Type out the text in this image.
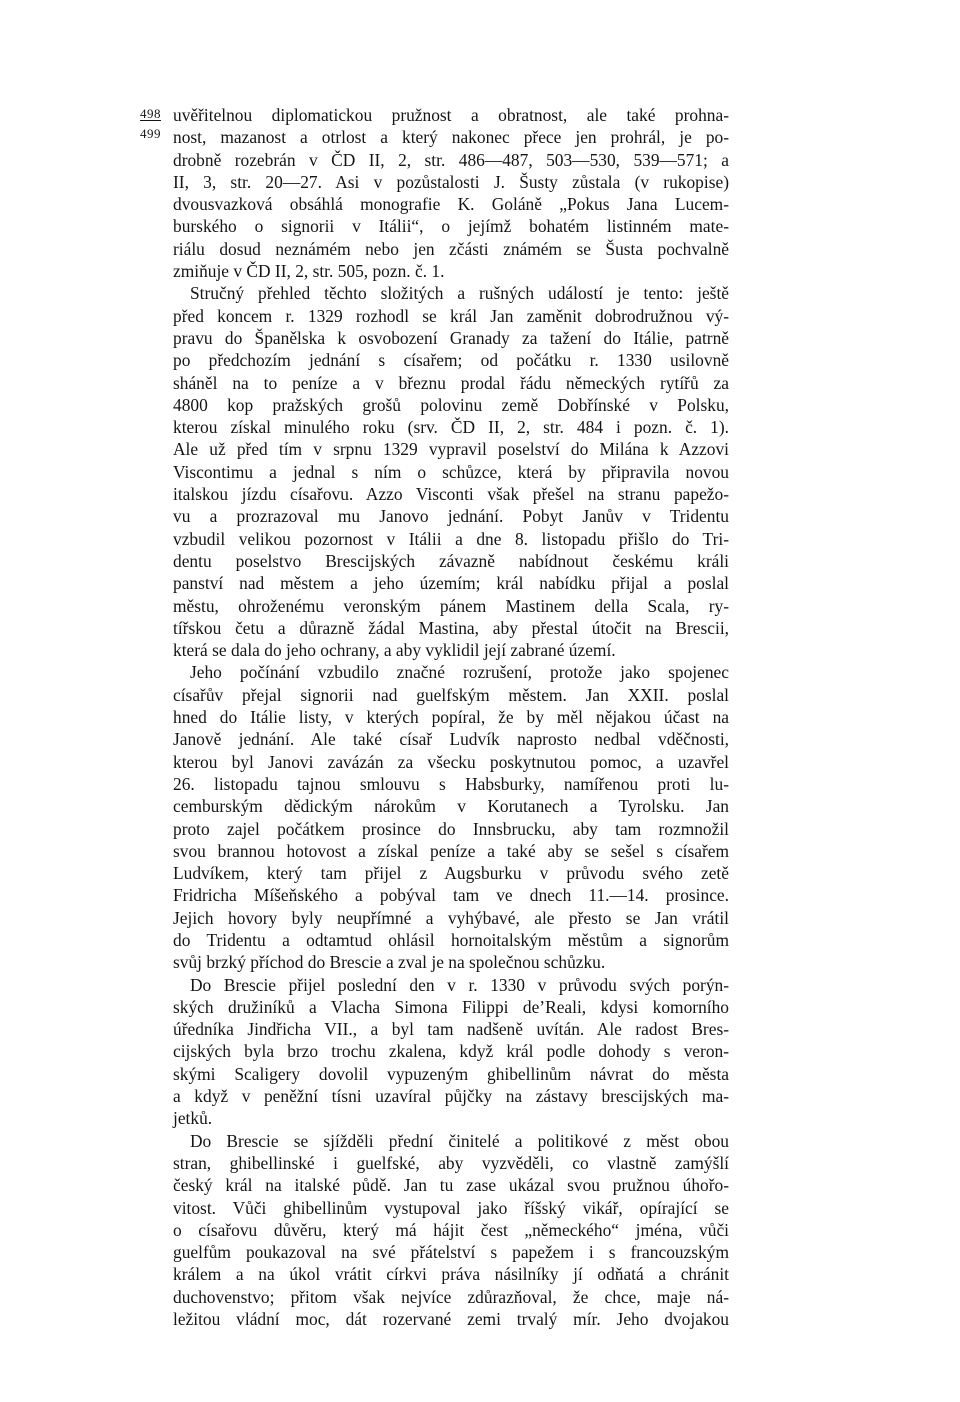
498
499
uvěřitelnou diplomatickou pružnost a obratnost, ale také prohna-
nost, mazanost a otrlost a který nakonec přece jen prohrál, je po-
drobně rozebrán v ČD II, 2, str. 486—487, 503—530, 539—571; a
II, 3, str. 20—27. Asi v pozůstalosti J. Šusty zůstala (v rukopise)
dvousvazková obsáhlá monografie K. Goláně „Pokus Jana Lucem-
burského o signorii v Itálii“, o jejímž bohatém listinném mate-
riálu dosud neznámém nebo jen zčásti známém se Šusta pochvalně
zmiňuje v ČD II, 2, str. 505, pozn. č. 1.
Stručný přehled těchto složitých a rušných událostí je tento: ještě
před koncem r. 1329 rozhodl se král Jan zaměnit dobrodružnou vý-
pravu do Španělska k osvobození Granady za tažení do Itálie, patrně
po předchozím jednání s císařem; od počátku r. 1330 usilovně
sháněl na to peníze a v březnu prodal řádu německých rytířů za
4800 kop pražských grošů polovinu země Dobřínské v Polsku,
kterou získal minulého roku (srv. ČD II, 2, str. 484 i pozn. č. 1).
Ale už před tím v srpnu 1329 vypravil poselství do Milána k Azzovi
Viscontimu a jednal s ním o schůzce, která by připravila novou
italskou jízdu císařovu. Azzo Visconti však přešel na stranu papežo-
vu a prozrazoval mu Janovo jednání. Pobyt Janův v Tridentu
vzbudil velikou pozornost v Itálii a dne 8. listopadu přišlo do Tri-
dentu poselstvo Brescijských závazně nabídnout českému králi
panství nad městem a jeho územím; král nabídku přijal a poslal
městu, ohroženému veronským pánem Mastinem della Scala, ry-
tířskou četu a důrazně žádal Mastina, aby přestal útočit na Brescii,
která se dala do jeho ochrany, a aby vyklidil její zabrané území.
Jeho počínání vzbudilo značné rozrušení, protože jako spojenec
císařův přejal signorii nad guelfským městem. Jan XXII. poslal
hned do Itálie listy, v kterých popíral, že by měl nějakou účast na
Janově jednání. Ale také císař Ludvík naprosto nedbal vděčnosti,
kterou byl Janovi zavázán za všecku poskytnutou pomoc, a uzavřel
26. listopadu tajnou smlouvu s Habsburky, namířenou proti lu-
cemburským dědickým nárokům v Korutanech a Tyrolsku. Jan
proto zajel počátkem prosince do Innsbrucku, aby tam rozmnožil
svou brannou hotovost a získal peníze a také aby se sešel s císařem
Ludvíkem, který tam přijel z Augsburku v průvodu svého zetě
Fridricha Míšeňského a pobýval tam ve dnech 11.—14. prosince.
Jejich hovory byly neupřímné a vyhýbavé, ale přesto se Jan vrátil
do Tridentu a odtamtud ohlásil hornoitalským městům a signorům
svůj brzký příchod do Brescie a zval je na společnou schůzku.
Do Brescie přijel poslední den v r. 1330 v průvodu svých porýn-
ských družiníků a Vlacha Simona Filippi de’Reali, kdysi komorního
úředníka Jindřicha VII., a byl tam nadšeně uvítán. Ale radost Bres-
cijských byla brzo trochu zkalena, když král podle dohody s veron-
skými Scaligery dovolil vypuzeným ghibellinům návrat do města
a když v peněžní tísni uzavíral půjčky na zástavy brescijských ma-
jetků.
Do Brescie se sjížděli přední činitelé a politikové z měst obou
stran, ghibellinské i guelfské, aby vyzvěděli, co vlastně zamýšlí
český král na italské půdě. Jan tu zase ukázal svou pružnou úhořo-
vitost. Vůči ghibellinům vystupoval jako říšský vikář, opírající se
o císařovu důvěru, který má hájit čest „německého“ jména, vůči
guelfům poukazoval na své přátelství s papežem i s francouzským
králem a na úkol vrátit církvi práva násilníky jí odňatá a chránit
duchovenstvo; přitom však nejvíce zdůrazňoval, že chce, maje ná-
ležitou vládní moc, dát rozervané zemi trvalý mír. Jeho dvojakou
